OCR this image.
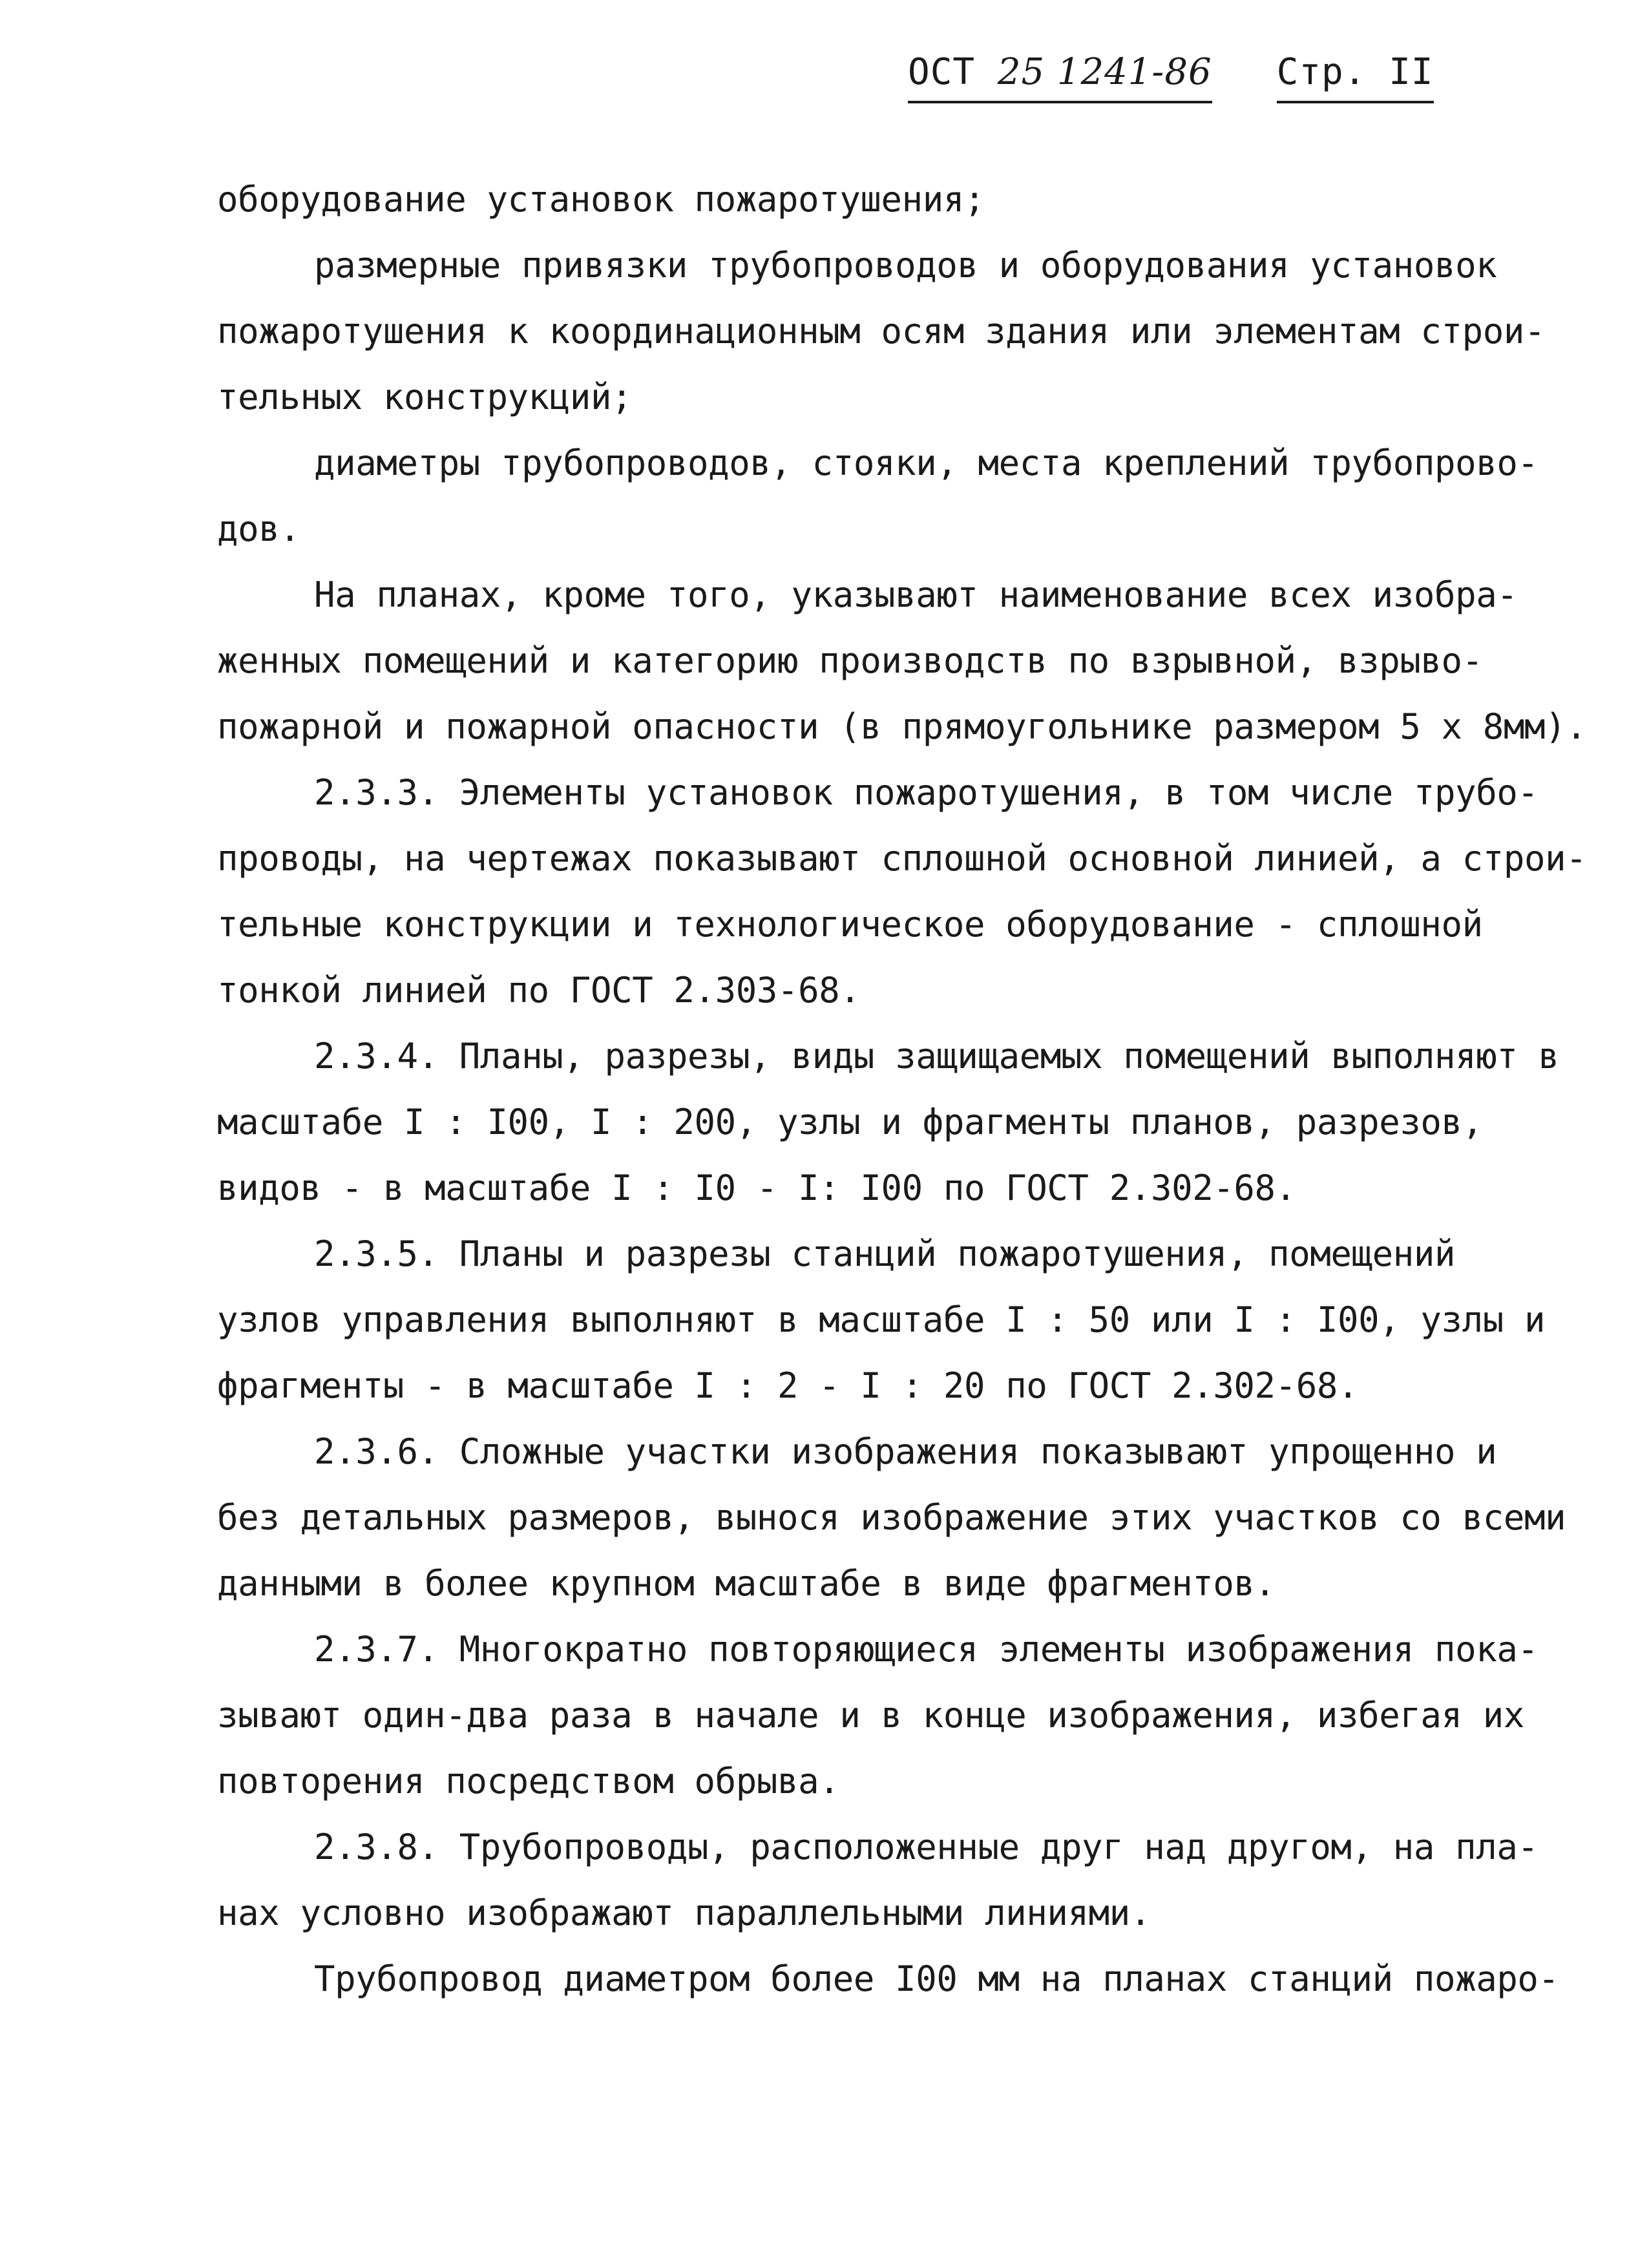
ОСТ 25 1241-86 Стр. II
оборудование установок пожаротушения;
размерные привязки трубопроводов и оборудования установок
пожаротушения к координационным осям здания или элементам строи-
тельных конструкций;
диаметры трубопроводов, стояки, места креплений трубопрово-
дов.
На планах, кроме того, указывают наименование всех изобра-
женных помещений и категорию производств по взрывной, взрыво-
пожарной и пожарной опасности (в прямоугольнике размером 5 х 8мм).
2.3.3. Элементы установок пожаротушения, в том числе трубо-
проводы, на чертежах показывают сплошной основной линией, а строи-
тельные конструкции и технологическое оборудование - сплошной
тонкой линией по ГОСТ 2.303-68.
2.3.4. Планы, разрезы, виды защищаемых помещений выполняют в
масштабе I : I00, I : 200, узлы и фрагменты планов, разрезов,
видов - в масштабе I : I0 - I: I00 по ГОСТ 2.302-68.
2.3.5. Планы и разрезы станций пожаротушения, помещений
узлов управления выполняют в масштабе I : 50 или I : I00, узлы и
фрагменты - в масштабе I : 2 - I : 20 по ГОСТ 2.302-68.
2.3.6. Сложные участки изображения показывают упрощенно и
без детальных размеров, вынося изображение этих участков со всеми
данными в более крупном масштабе в виде фрагментов.
2.3.7. Многократно повторяющиеся элементы изображения пока-
зывают один-два раза в начале и в конце изображения, избегая их
повторения посредством обрыва.
2.3.8. Трубопроводы, расположенные друг над другом, на пла-
нах условно изображают параллельными линиями.
Трубопровод диаметром более I00 мм на планах станций пожаро-
